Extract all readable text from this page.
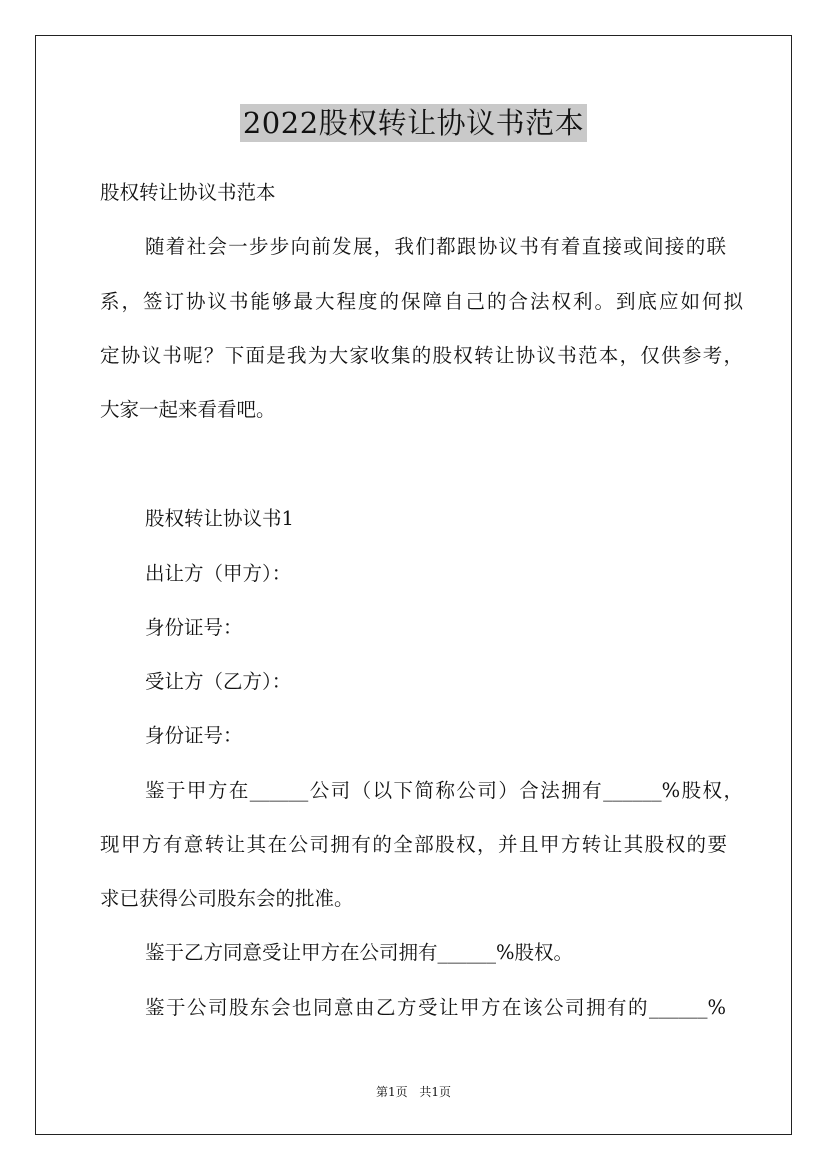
2022股权转让协议书范本
股权转让协议书范本
随着社会一步步向前发展，我们都跟协议书有着直接或间接的联
系，签订协议书能够最大程度的保障自己的合法权利。到底应如何拟
定协议书呢？下面是我为大家收集的股权转让协议书范本，仅供参考，
大家一起来看看吧。
股权转让协议书1
出让方（甲方）：
身份证号：
受让方（乙方）：
身份证号：
鉴于甲方在______公司（以下简称公司）合法拥有______%股权，
现甲方有意转让其在公司拥有的全部股权，并且甲方转让其股权的要
求已获得公司股东会的批准。
鉴于乙方同意受让甲方在公司拥有______%股权。
鉴于公司股东会也同意由乙方受让甲方在该公司拥有的______%
第1页 共1页
